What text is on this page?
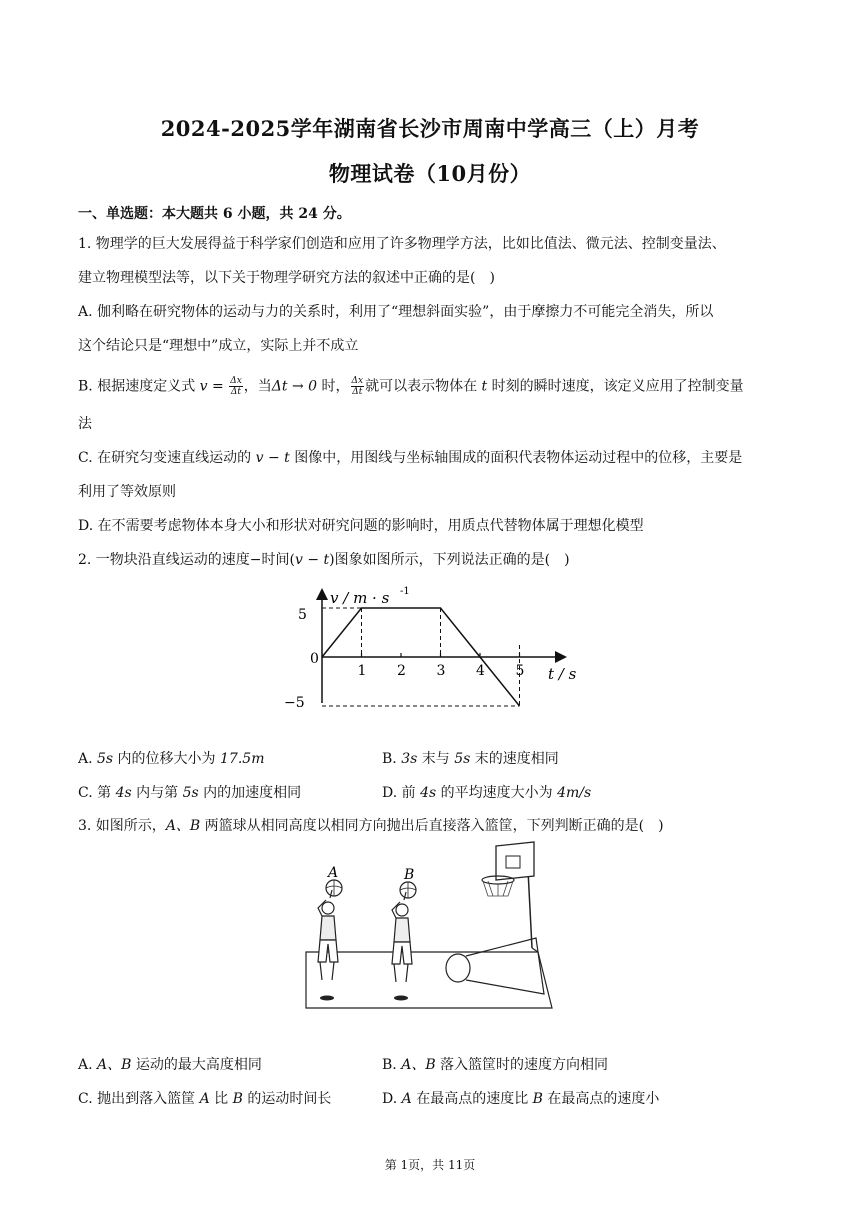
2024-2025学年湖南省长沙市周南中学高三（上）月考
物理试卷（10月份）
一、单选题：本大题共 6 小题，共 24 分。
1. 物理学的巨大发展得益于科学家们创造和应用了许多物理学方法，比如比值法、微元法、控制变量法、
建立物理模型法等，以下关于物理学研究方法的叙述中正确的是(　)
A. 伽利略在研究物体的运动与力的关系时，利用了“理想斜面实验”，由于摩擦力不可能完全消失，所以
这个结论只是“理想中”成立，实际上并不成立
B. 根据速度定义式 $v = \frac{\Delta x}{\Delta t}$ ，当Δt → 0 时， $\frac{\Delta x}{\Delta t}$ 就可以表示物体在 t 时刻的瞬时速度，该定义应用了控制变量
法
C. 在研究匀变速直线运动的 v − t 图像中，用图线与坐标轴围成的面积代表物体运动过程中的位移，主要是
利用了等效原则
D. 在不需要考虑物体本身大小和形状对研究问题的影响时，用质点代替物体属于理想化模型
2. 一物块沿直线运动的速度−时间(v − t)图象如图所示，下列说法正确的是(　)
v / m · s -1
t / s
0
5
−5
1 2 3 4 5
A. 5s 内的位移大小为 17.5m	B. 3s 末与 5s 末的速度相同
C. 第 4s 内与第 5s 内的加速度相同	D. 前 4s 的平均速度大小为 4m/s
3. 如图所示，A、B 两篮球从相同高度以相同方向抛出后直接落入篮筐，下列判断正确的是(　)
A	B
A. A、B 运动的最大高度相同	B. A、B 落入篮筐时的速度方向相同
C. 抛出到落入篮筐 A 比 B 的运动时间长	D. A 在最高点的速度比 B 在最高点的速度小
第 1页，共 11页
